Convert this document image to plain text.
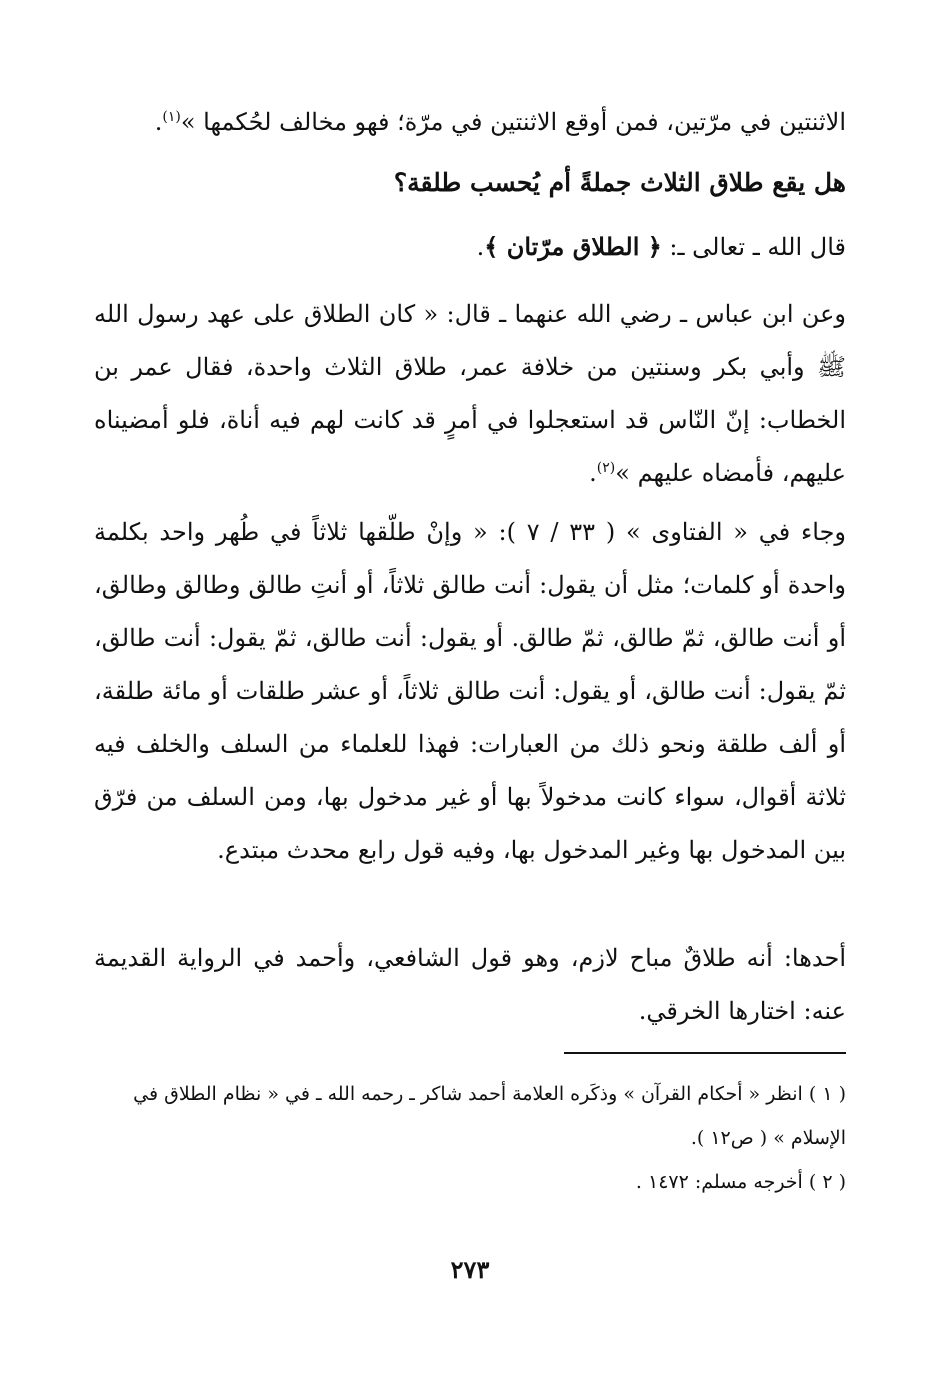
الاثنتين في مرّتين، فمن أوقع الاثنتين في مرّة؛ فهو مخالف لحُكمها »$^{(١)}$.

هل يقع طلاق الثلاث جملةً أم يُحسب طلقة؟

قال الله ـ تعالى ـ: ﴿ الطلاق مرّتان ﴾.

وعن ابن عباس ـ رضي الله عنهما ـ قال: « كان الطلاق على عهد رسول الله ﷺ وأبي بكر وسنتين من خلافة عمر، طلاق الثلاث واحدة، فقال عمر بن الخطاب: إنّ النّاس قد استعجلوا في أمرٍ قد كانت لهم فيه أناة، فلو أمضيناه عليهم، فأمضاه عليهم »$^{(٢)}$.

وجاء في « الفتاوى » ( ٣٣ / ٧ ): « وإنْ طلّقها ثلاثاً في طُهر واحد بكلمة واحدة أو كلمات؛ مثل أن يقول: أنت طالق ثلاثاً، أو أنتِ طالق وطالق وطالق، أو أنت طالق، ثمّ طالق، ثمّ طالق. أو يقول: أنت طالق، ثمّ يقول: أنت طالق، ثمّ يقول: أنت طالق، أو يقول: أنت طالق ثلاثاً، أو عشر طلقات أو مائة طلقة، أو ألف طلقة ونحو ذلك من العبارات: فهذا للعلماء من السلف والخلف فيه ثلاثة أقوال، سواء كانت مدخولاً بها أو غير مدخول بها، ومن السلف من فرّق بين المدخول بها وغير المدخول بها، وفيه قول رابع محدث مبتدع.

أحدها: أنه طلاقٌ مباح لازم، وهو قول الشافعي، وأحمد في الرواية القديمة عنه: اختارها الخرقي.

( ١ ) انظر « أحكام القرآن » وذكَره العلامة أحمد شاكر ـ رحمه الله ـ في « نظام الطلاق في الإسلام » ( ص١٢ ).

( ٢ ) أخرجه مسلم: ١٤٧٢ .

٢٧٣
